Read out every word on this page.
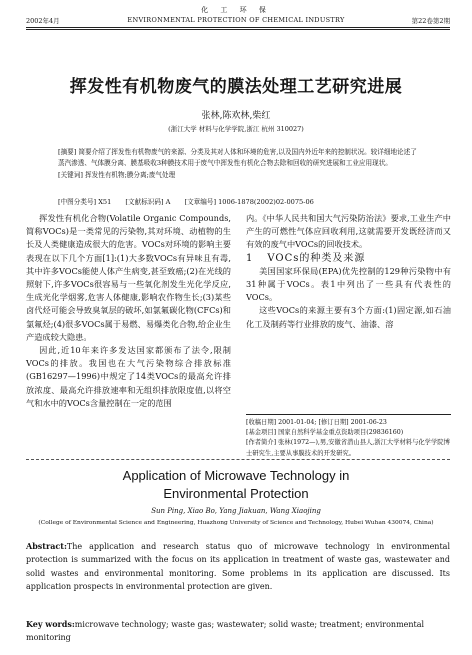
化 工 环 保
2002年4月	ENVIRONMENTAL PROTECTION OF CHEMICAL INDUSTRY	第22卷第2期
挥发性有机物废气的膜法处理工艺研究进展
张林,陈欢林,柴红
(浙江大学 材料与化学学院,浙江 杭州 310027)

[摘要] 简要介绍了挥发性有机物废气的来源、分类及其对人体和环境的危害,以及国内外近年来的控制状况。较详细地论述了蒸汽渗透、气体膜分离、膜基吸收3种膜技术用于废气中挥发性有机化合物去除和回收的研究进展和工业应用现状。

[关键词] 挥发性有机物;膜分离;废气处理

[中图分类号] X51 [文献标识码] A [文章编号] 1006-1878(2002)02-0075-06

挥发性有机化合物(Volatile Organic Compounds,简称VOCs)是一类常见的污染物,其对环境、动植物的生长及人类健康造成很大的危害。VOCs对环境的影响主要表现在以下几个方面[1]:(1)大多数VOCs有异味且有毒,其中许多VOCs能使人体产生病变,甚至致癌;(2)在光线的照射下,许多VOCs很容易与一些氧化剂发生光化学反应,生成光化学烟雾,危害人体健康,影响农作物生长;(3)某些卤代烃可能会导致臭氧层的破坏,如氯氟碳化物(CFCs)和氯氟烃;(4)很多VOCs属于易燃、易爆类化合物,给企业生产造成较大隐患。

因此,近10年来许多发达国家都颁布了法令,限制VOCs的排放。我国也在大气污染物综合排放标准(GB16297—1996)中规定了14类VOCs的最高允许排放浓度、最高允许排放速率和无组织排放限度值,以将空气和水中的VOCs含量控制在一定的范围

内。《中华人民共和国大气污染防治法》要求,工业生产中产生的可燃性气体应回收利用,这就需要开发既经济而又有效的废气中VOCs的回收技术。

1 VOCs的种类及来源

美国国家环保局(EPA)优先控制的129种污染物中有31种属于VOCs。表1中列出了一些具有代表性的VOCs。

这些VOCs的来源主要有3个方面:(1)固定源,如石油化工及制药等行业排放的废气、油漆、溶

[收稿日期] 2001-01-04; [修订日期] 2001-06-23
[基金项目] 国家自然科学基金重点资助项目(29836160)
[作者简介] 张林(1972—),男,安徽省潜山县人,浙江大学材料与化学学院博士研究生,主要从事膜技术的开发研究。
Application of Microwave Technology in
Environmental Protection
Sun Ping, Xiao Bo, Yang Jiakuan, Wang Xiaojing
(College of Environmental Science and Engineering, Huazhong University of Science and Technology, Hubei Wuhan 430074, China)
Abstract:The application and research status quo of microwave technology in environmental protection is summarized with the focus on its application in treatment of waste gas, wastewater and solid wastes and environmental monitoring. Some problems in its application are discussed. Its application prospects in environmental protection are given.
Key words:microwave technology; waste gas; wastewater; solid waste; treatment; environmental monitoring
